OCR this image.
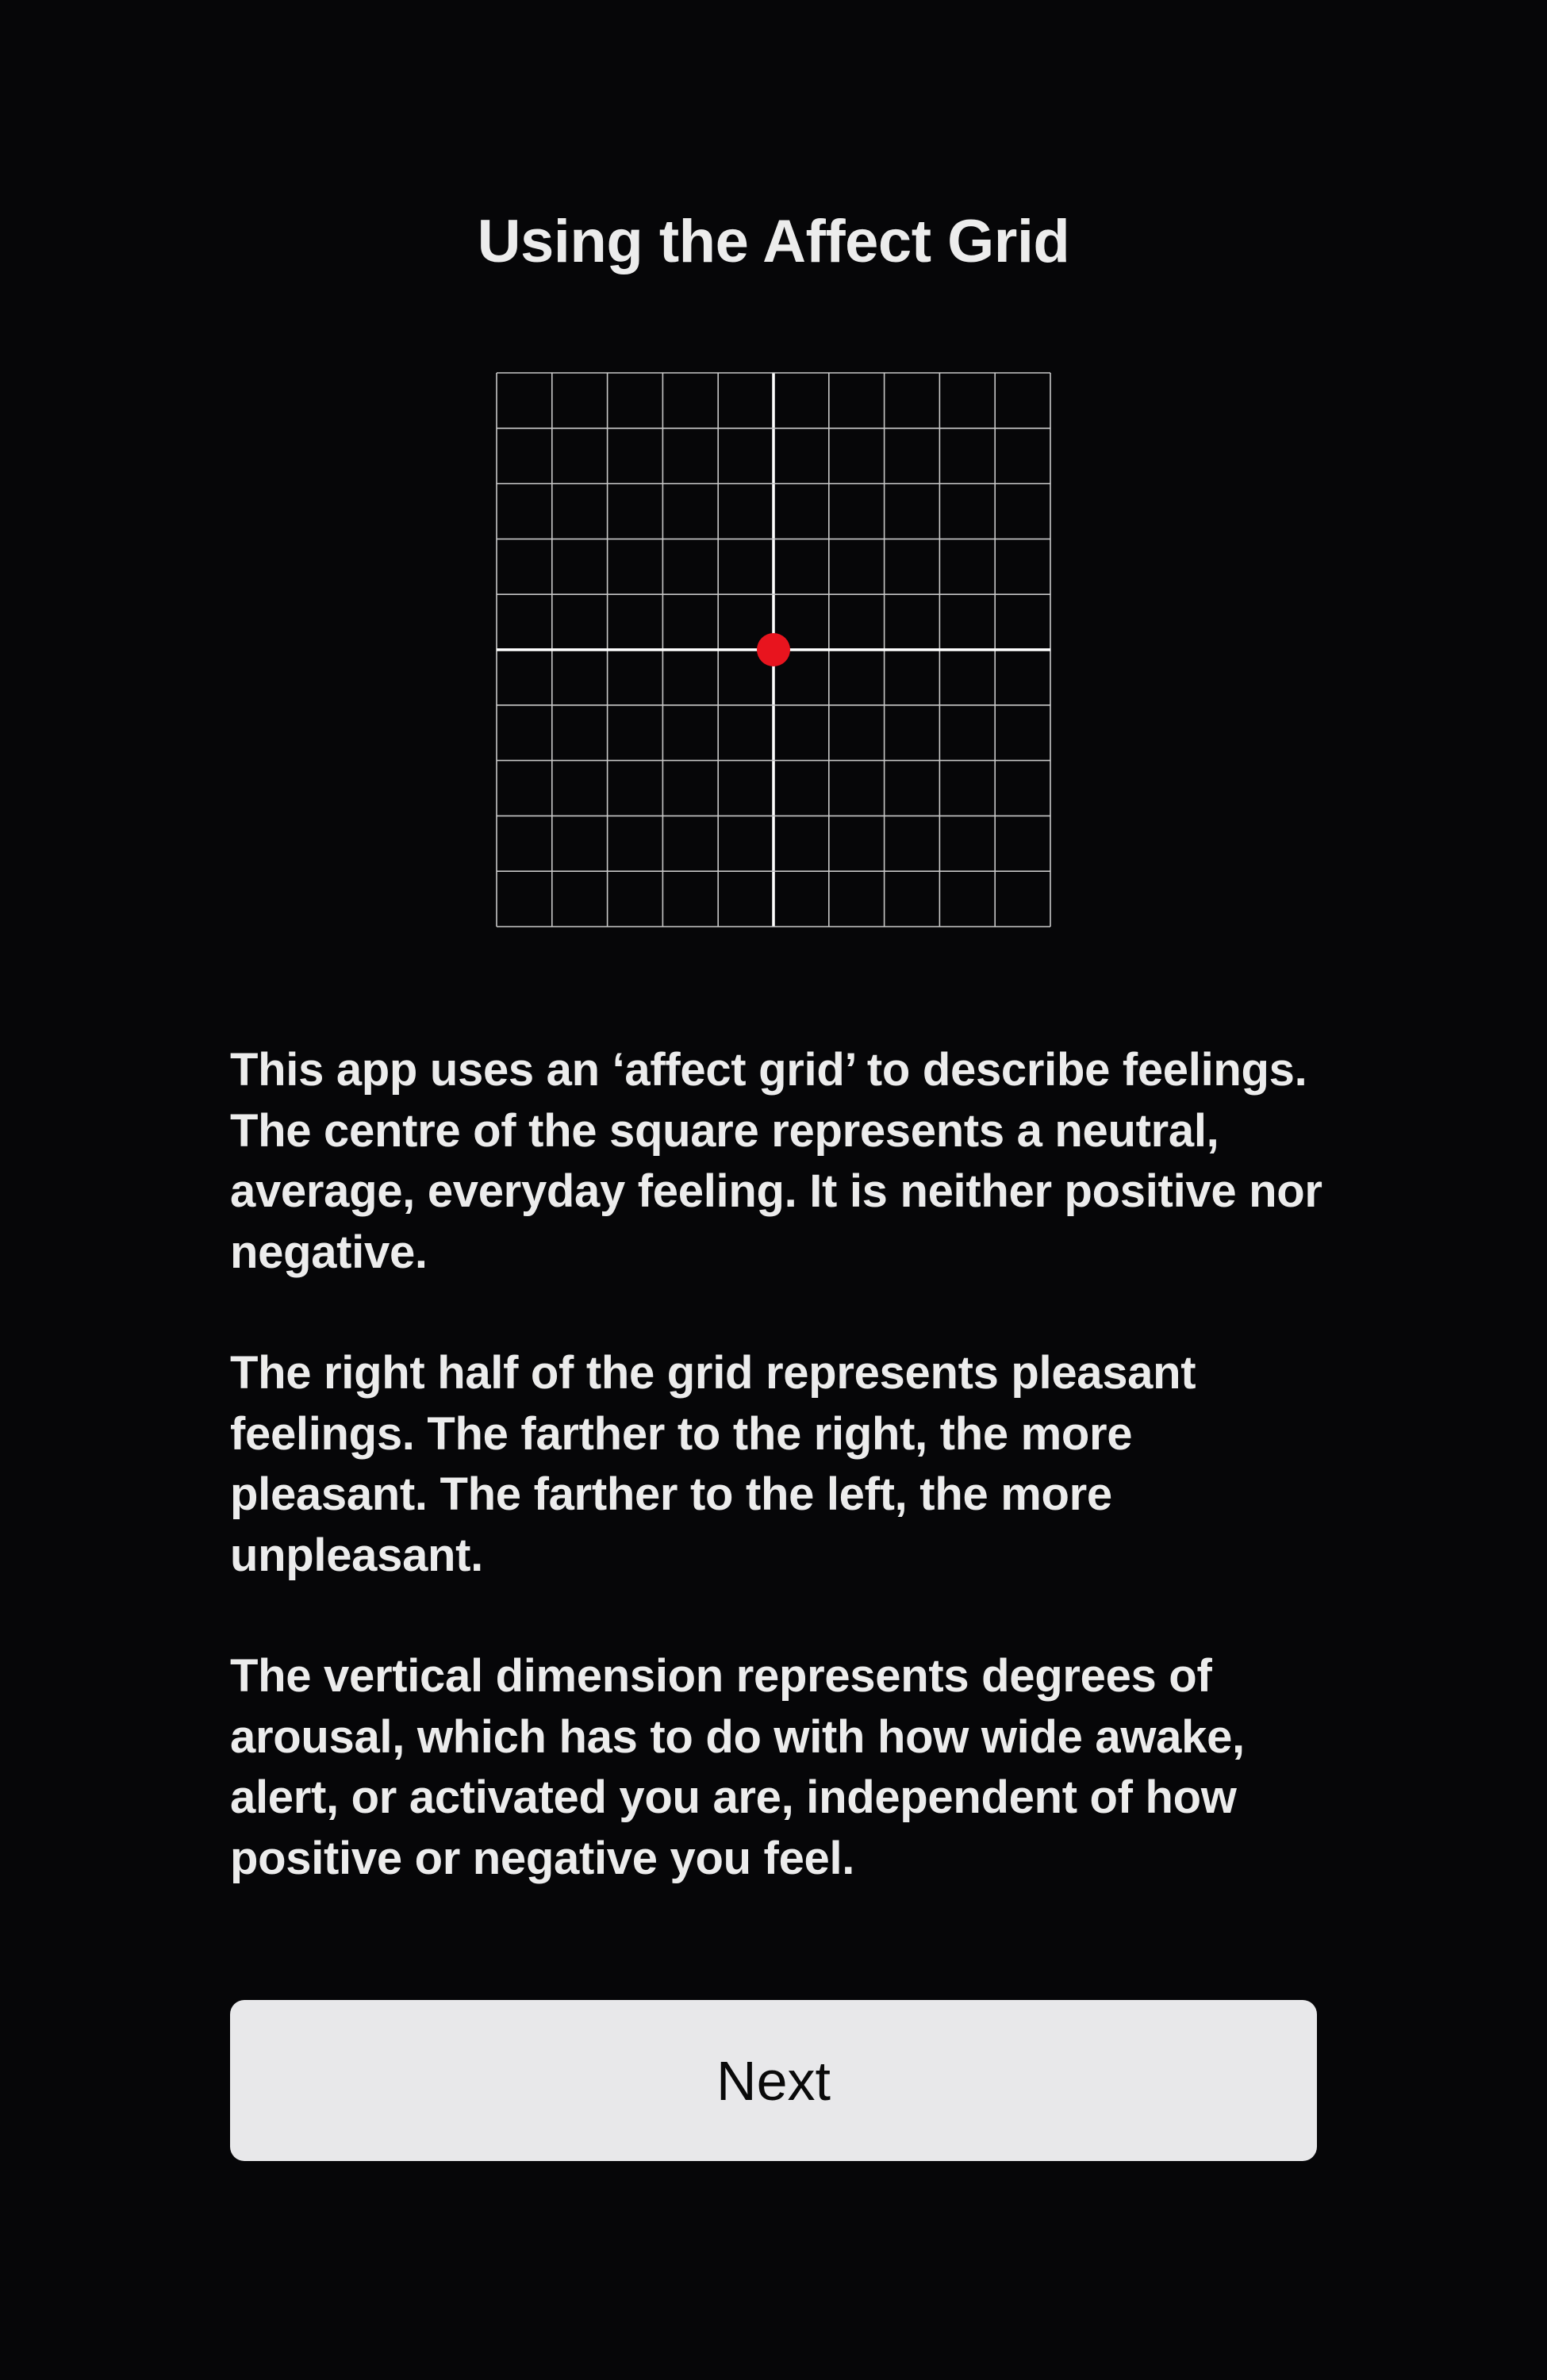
Using the Affect Grid

This app uses an ‘affect grid’ to describe feelings. The centre of the square represents a neutral, average, everyday feeling. It is neither positive nor negative.

The right half of the grid represents pleasant feelings. The farther to the right, the more pleasant. The farther to the left, the more unpleasant.

The vertical dimension represents degrees of arousal, which has to do with how wide awake, alert, or activated you are, independent of how positive or negative you feel.

Next
